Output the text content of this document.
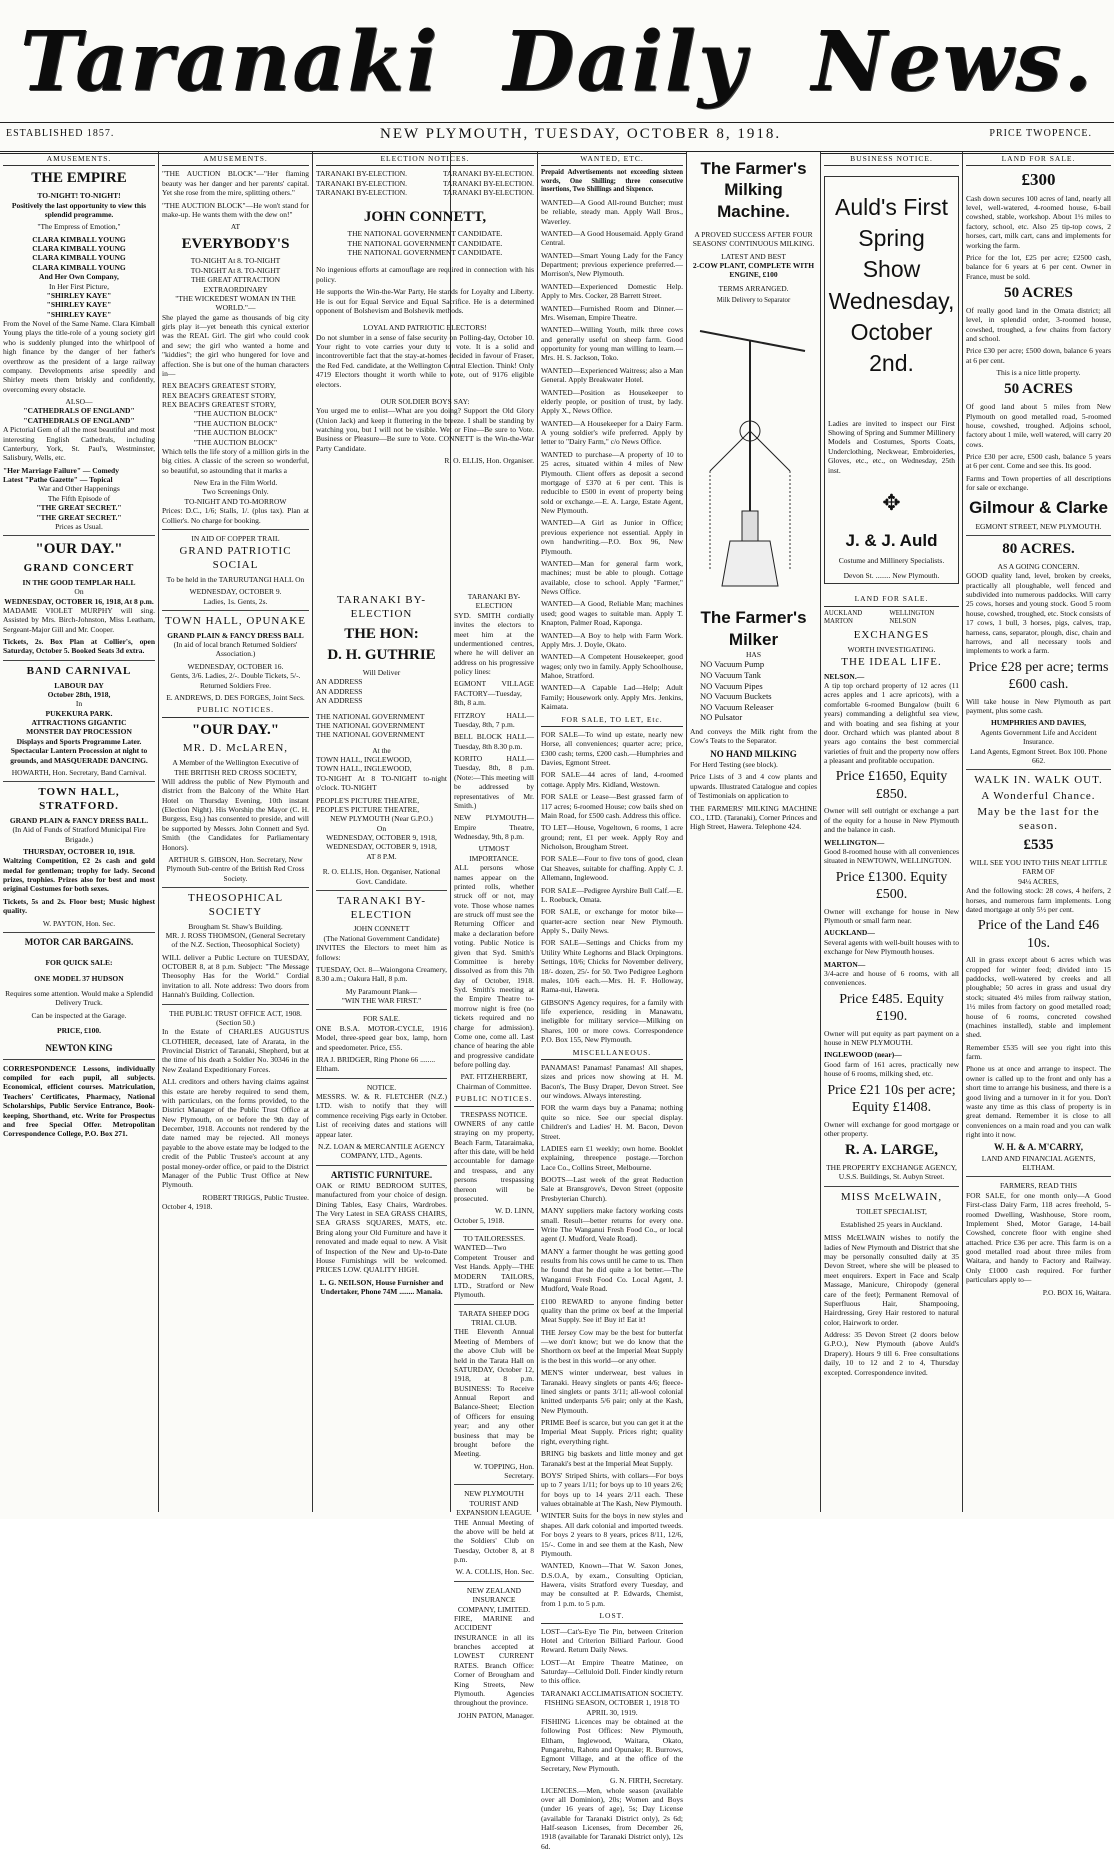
Taranaki Daily News.
ESTABLISHED 1857.	NEW PLYMOUTH, TUESDAY, OCTOBER 8, 1918.	PRICE TWOPENCE.
AMUSEMENTS.
THE EMPIRE
TO-NIGHT! TO-NIGHT!

Positively the last opportunity to view this splendid programme.

"The Empress of Emotion,"

CLARA KIMBALL YOUNG
CLARA KIMBALL YOUNG
CLARA KIMBALL YOUNG
CLARA KIMBALL YOUNG
And Her Own Company,
In Her First Picture,
"SHIRLEY KAYE"
"SHIRLEY KAYE"
"SHIRLEY KAYE"

From the Novel of the Same Name. Clara Kimball Young plays the title-role of a young society girl who is suddenly plunged into the whirlpool of high finance by the danger of her father's overthrow as the president of a large railway company. Developments arise speedily and Shirley meets them briskly and confidently, overcoming every obstacle.

ALSO—
"CATHEDRALS OF ENGLAND"
"CATHEDRALS OF ENGLAND"

A Pictorial Gem of all the most beautiful and most interesting English Cathedrals, including Canterbury, York, St. Paul's, Westminster, Salisbury, Wells, etc.

"Her Marriage Failure" — Comedy
Latest "Pathe Gazette" — Topical
War and Other Happenings
The Fifth Episode of
"THE GREAT SECRET."
"THE GREAT SECRET."
Prices as Usual.
"OUR DAY."
GRAND CONCERT
IN THE GOOD TEMPLAR HALL
On
WEDNESDAY, OCTOBER 16, 1918, At 8 p.m.

MADAME VIOLET MURPHY will sing. Assisted by Mrs. Birch-Johnston, Miss Leatham, Sergeant-Major Gill and Mr. Cooper.

Tickets, 2s. Box Plan at Collier's, open Saturday, October 5. Booked Seats 3d extra.

BAND CARNIVAL
LABOUR DAY
October 28th, 1918,
In
PUKEKURA PARK.
ATTRACTIONS GIGANTIC
MONSTER DAY PROCESSION

Displays and Sports Programme Later. Spectacular Lantern Procession at night to grounds, and MASQUERADE DANCING.

HOWARTH, Hon. Secretary, Band Carnival.

TOWN HALL, STRATFORD.
GRAND PLAIN & FANCY DRESS BALL.

(In Aid of Funds of Stratford Municipal Fire Brigade.)

THURSDAY, OCTOBER 10, 1918.

Waltzing Competition, £2 2s cash and gold medal for gentleman; trophy for lady. Second prizes, trophies. Prizes also for best and most original Costumes for both sexes.

Tickets, 5s and 2s. Floor best; Music highest quality.

W. PAYTON, Hon. Sec.

MOTOR CAR BARGAINS.
FOR QUICK SALE:
ONE MODEL 37 HUDSON

Requires some attention. Would make a Splendid Delivery Truck.

Can be inspected at the Garage.

PRICE, £100.
NEWTON KING

CORRESPONDENCE Lessons, individually compiled for each pupil, all subjects. Economical, efficient courses. Matriculation, Teachers' Certificates, Pharmacy, National Scholarships, Public Service Entrance, Book-keeping, Shorthand, etc. Write for Prospectus and free Special Offer. Metropolitan Correspondence College, P.O. Box 271.

AMUSEMENTS.

"THE AUCTION BLOCK"—"Her flaming beauty was her danger and her parents' capital. Yet she rose from the mire, splitting others."

"THE AUCTION BLOCK"—He won't stand for make-up. He wants them with the dew on!"

AT
EVERYBODY'S
TO-NIGHT At 8. TO-NIGHT
TO-NIGHT At 8. TO-NIGHT
THE GREAT ATTRACTION EXTRAORDINARY
"THE WICKEDEST WOMAN IN THE WORLD."—

She played the game as thousands of big city girls play it—yet beneath this cynical exterior was the REAL Girl. The girl who could cook and sew; the girl who wanted a home and "kiddies"; the girl who hungered for love and affection. She is but one of the human characters in—

REX BEACH'S GREATEST STORY,
REX BEACH'S GREATEST STORY,
REX BEACH'S GREATEST STORY,
"THE AUCTION BLOCK"
"THE AUCTION BLOCK"
"THE AUCTION BLOCK"
"THE AUCTION BLOCK"

Which tells the life story of a million girls in the big cities. A classic of the screen so wonderful, so beautiful, so astounding that it marks a

New Era in the Film World.
Two Screenings Only.
TO-NIGHT AND TO-MORROW

Prices: D.C., 1/6; Stalls, 1/. (plus tax). Plan at Collier's. No charge for booking.

IN AID OF COPPER TRAIL
GRAND PATRIOTIC SOCIAL

To be held in the TARURUTANGI HALL On

WEDNESDAY, OCTOBER 9.
Ladies, 1s. Gents, 2s.
TOWN HALL, OPUNAKE
GRAND PLAIN & FANCY DRESS BALL

(In aid of local branch Returned Soldiers' Association.)

WEDNESDAY, OCTOBER 16.

Gents, 3/6. Ladies, 2/-. Double Tickets, 5/-. Returned Soldiers Free.

E. ANDREWS, D. DES FORGES, Joint Secs.

PUBLIC NOTICES.
"OUR DAY."
MR. D. McLAREN,
A Member of the Wellington Executive of
THE BRITISH RED CROSS SOCIETY,

Will address the public of New Plymouth and district from the Balcony of the White Hart Hotel on Thursday Evening, 10th instant (Election Night). His Worship the Mayor (C. H. Burgess, Esq.) has consented to preside, and will be supported by Messrs. John Connett and Syd. Smith (the Candidates for Parliamentary Honors).

ARTHUR S. GIBSON, Hon. Secretary, New Plymouth Sub-centre of the British Red Cross Society.

THEOSOPHICAL SOCIETY
Brougham St. Shaw's Building.

MR. J. ROSS THOMSON, (General Secretary of the N.Z. Section, Theosophical Society)

WILL deliver a Public Lecture on TUESDAY, OCTOBER 8, at 8 p.m. Subject: "The Message Theosophy Has for the World." Cordial invitation to all. Note address: Two doors from Hannah's Building. Collection.

THE PUBLIC TRUST OFFICE ACT, 1908. (Section 50.)

In the Estate of CHARLES AUGUSTUS CLOTHIER, deceased, late of Ararata, in the Provincial District of Taranaki, Shepherd, but at the time of his death a Soldier No. 30346 in the New Zealand Expeditionary Forces.

ALL creditors and others having claims against this estate are hereby required to send them, with particulars, on the forms provided, to the District Manager of the Public Trust Office at New Plymouth, on or before the 9th day of December, 1918. Accounts not rendered by the date named may be rejected. All moneys payable to the above estate may be lodged to the credit of the Public Trustee's account at any postal money-order office, or paid to the District Manager of the Public Trust Office at New Plymouth.

ROBERT TRIGGS, Public Trustee.
October 4, 1918.
ELECTION NOTICES.
TARANAKI BY-ELECTION.
TARANAKI BY-ELECTION.
TARANAKI BY-ELECTION.
TARANAKI BY-ELECTION.
TARANAKI BY-ELECTION.
TARANAKI BY-ELECTION.
JOHN CONNETT,
THE NATIONAL GOVERNMENT CANDIDATE.
THE NATIONAL GOVERNMENT CANDIDATE.
THE NATIONAL GOVERNMENT CANDIDATE.

No ingenious efforts at camouflage are required in connection with his policy.

He supports the Win-the-War Party, He stands for Loyalty and Liberty. He is out for Equal Service and Equal Sacrifice. He is a determined opponent of Bolshevism and Bolshevik methods.

LOYAL AND PATRIOTIC ELECTORS!

Do not slumber in a sense of false security on Polling-day, October 10. Your right to vote carries your duty to vote. It is a solid and incontrovertible fact that the stay-at-homes decided in favour of Fraser, the Red Fed. candidate, at the Wellington Central Election. Think! Only 4719 Electors thought it worth while to vote, out of 9176 eligible electors.

OUR SOLDIER BOYS SAY:

You urged me to enlist—What are you doing? Support the Old Glory (Union Jack) and keep it fluttering in the breeze. I shall be standing by watching you, but I will not be visible. Wet or Fine—Be sure to Vote. Business or Pleasure—Be sure to Vote. CONNETT is the Win-the-War Party Candidate.

R. O. ELLIS, Hon. Organiser.
TARANAKI BY-ELECTION
THE HON:
D. H. GUTHRIE
Will Deliver
AN ADDRESS
AN ADDRESS
AN ADDRESS
THE NATIONAL GOVERNMENT
THE NATIONAL GOVERNMENT
THE NATIONAL GOVERNMENT
At the
TOWN HALL, INGLEWOOD,
TOWN HALL, INGLEWOOD,

TO-NIGHT At 8 TO-NIGHT to-night o'clock. TO-NIGHT

PEOPLE'S PICTURE THEATRE,
PEOPLE'S PICTURE THEATRE,
NEW PLYMOUTH (Near G.P.O.)
On
WEDNESDAY, OCTOBER 9, 1918,
WEDNESDAY, OCTOBER 9, 1918,
AT 8 P.M.

R. O. ELLIS, Hon. Organiser, National Govt. Candidate.

TARANAKI BY-ELECTION
JOHN CONNETT
(The National Government Candidate)

INVITES the Electors to meet him as follows:

TUESDAY, Oct. 8—Waiongona Creamery, 8.30 a.m.; Oakura Hall, 8 p.m.

My Paramount Plank—
"WIN THE WAR FIRST."
FOR SALE.

ONE B.S.A. MOTOR-CYCLE, 1916 Model, three-speed gear box, lamp, horn and speedometer. Price, £55.

IRA J. BRIDGER, Ring Phone 66 ........ Eltham.
NOTICE.

MESSRS. W. & R. FLETCHER (N.Z.) LTD. wish to notify that they will commence receiving Pigs early in October. List of receiving dates and stations will appear later.

N.Z. LOAN & MERCANTILE AGENCY COMPANY, LTD., Agents.

ARTISTIC FURNITURE.

OAK or RIMU BEDROOM SUITES, manufactured from your choice of design. Dining Tables, Easy Chairs, Wardrobes. The Very Latest in SEA GRASS CHAIRS, SEA GRASS SQUARES, MATS, etc. Bring along your Old Furniture and have it renovated and made equal to new. A Visit of Inspection of the New and Up-to-Date House Furnishings will be welcomed. PRICES LOW. QUALITY HIGH.

L. G. NEILSON, House Furnisher and Undertaker, Phone 74M ........ Manaia.
TARANAKI BY-ELECTION

SYD. SMITH cordially invites the electors to meet him at the undermentioned centres, where he will deliver an address on his progressive policy lines:

EGMONT VILLAGE FACTORY—Tuesday, 8th, 8 a.m.

FITZROY HALL—Tuesday, 8th, 7 p.m.

BELL BLOCK HALL—Tuesday, 8th 8.30 p.m.

KORITO HALL—Tuesday, 8th, 8 p.m. (Note:—This meeting will be addressed by representatives of Mr. Smith.)

NEW PLYMOUTH—Empire Theatre, Wednesday, 9th, 8 p.m.

UTMOST IMPORTANCE.

ALL persons whose names appear on the printed rolls, whether struck off or not, may vote. Those whose names are struck off must see the Returning Officer and make a declaration before voting. Public Notice is given that Syd. Smith's Committee is hereby dissolved as from this 7th day of October, 1918. Syd. Smith's meeting at the Empire Theatre to-morrow night is free (no tickets required and no charge for admission). Come one, come all. Last chance of hearing the able and progressive candidate before polling day.

PAT. FITZHERBERT, Chairman of Committee.

PUBLIC NOTICES.
TRESPASS NOTICE.

OWNERS of any cattle straying on my property, Beach Farm, Tataraimaka, after this date, will be held accountable for damage and trespass, and any persons trespassing thereon will be prosecuted.

W. D. LINN,
October 5, 1918.
TO TAILORESSES.

WANTED—Two Competent Trouser and Vest Hands. Apply—THE MODERN TAILORS, LTD., Stratford or New Plymouth.

TARATA SHEEP DOG TRIAL CLUB.

THE Eleventh Annual Meeting of Members of the above Club will be held in the Tarata Hall on SATURDAY, October 12, 1918, at 8 p.m. BUSINESS: To Receive Annual Report and Balance-Sheet; Election of Officers for ensuing year; and any other business that may be brought before the Meeting.

W. TOPPING, Hon. Secretary.
NEW PLYMOUTH TOURIST AND EXPANSION LEAGUE.

THE Annual Meeting of the above will be held at the Soldiers' Club on Tuesday, October 8, at 8 p.m.

W. A. COLLIS, Hon. Sec.
NEW ZEALAND INSURANCE COMPANY, LIMITED.

FIRE, MARINE and ACCIDENT INSURANCE in all its branches accepted at LOWEST CURRENT RATES. Branch Office: Corner of Brougham and King Streets, New Plymouth. Agencies throughout the province.

JOHN PATON, Manager.
WANTED, ETC.

Prepaid Advertisements not exceeding sixteen words, One Shilling; three consecutive insertions, Two Shillings and Sixpence.

WANTED—A Good All-round Butcher; must be reliable, steady man. Apply Wall Bros., Waverley.

WANTED—A Good Housemaid. Apply Grand Central.

WANTED—Smart Young Lady for the Fancy Department; previous experience preferred.—Morrison's, New Plymouth.

WANTED—Experienced Domestic Help. Apply to Mrs. Cocker, 28 Barrett Street.

WANTED—Furnished Room and Dinner.—Mrs. Wiseman, Empire Theatre.

WANTED—Willing Youth, milk three cows and generally useful on sheep farm. Good opportunity for young man willing to learn.—Mrs. H. S. Jackson, Toko.

WANTED—Experienced Waitress; also a Man General. Apply Breakwater Hotel.

WANTED—Position as Housekeeper to elderly people, or position of trust, by lady. Apply X., News Office.

WANTED—A Housekeeper for a Dairy Farm. A young soldier's wife preferred. Apply by letter to "Dairy Farm," c/o News Office.

WANTED to purchase—A property of 10 to 25 acres, situated within 4 miles of New Plymouth. Client offers as deposit a second mortgage of £370 at 6 per cent. This is reducible to £500 in event of property being sold or exchange.—E. A. Large, Estate Agent, New Plymouth.

WANTED—A Girl as Junior in Office; previous experience not essential. Apply in own handwriting.—P.O. Box 96, New Plymouth.

WANTED—Man for general farm work, machines; must be able to plough. Cottage available, close to school. Apply "Farmer," News Office.

WANTED—A Good, Reliable Man; machines used; good wages to suitable man. Apply T. Knapton, Palmer Road, Kaponga.

WANTED—A Boy to help with Farm Work. Apply Mrs. J. Doyle, Okato.

WANTED—A Competent Housekeeper, good wages; only two in family. Apply Schoolhouse, Mahoe, Stratford.

WANTED—A Capable Lad—Help; Adult Family; Housework only. Apply Mrs. Jenkins, Kaimata.

FOR SALE, TO LET, Etc.

FOR SALE—To wind up estate, nearly new Horse, all conveniences; quarter acre; price, £300 cash; terms, £200 cash.—Humphries and Davies, Egmont Street.

FOR SALE—44 acres of land, 4-roomed cottage. Apply Mrs. Kidland, Westown.

FOR SALE or Lease—Best grassed farm of 117 acres; 6-roomed House; cow bails shed on Main Road, for £500 cash. Address this office.

TO LET—House, Vogeltown, 6 rooms, 1 acre ground; rent, £1 per week. Apply Roy and Nicholson, Brougham Street.

FOR SALE—Four to five tons of good, clean Oat Sheaves, suitable for chaffing. Apply C. J. Allemann, Inglewood.

FOR SALE—Pedigree Ayrshire Bull Calf.—E. L. Roebuck, Omata.

FOR SALE, or exchange for motor bike—quarter-acre section near New Plymouth. Apply S., Daily News.

FOR SALE—Settings and Chicks from my Utility White Leghorns and Black Orpingtons. Settings, 10/6; Chicks for November delivery, 18/- dozen, 25/- for 50. Two Pedigree Leghorn males, 10/6 each.—Mrs. H. F. Holloway, Rama-nui, Hawera.

GIBSON'S Agency requires, for a family with life experience, residing in Manawatu, ineligible for military service—Milking on Shares, 100 or more cows. Correspondence P.O. Box 155, New Plymouth.

MISCELLANEOUS.

PANAMAS! Panamas! Panamas! All shapes, sizes and prices now showing at H. M. Bacon's, The Busy Draper, Devon Street. See our windows. Always interesting.

FOR the warm days buy a Panama; nothing quite so nice. See our special display. Children's and Ladies' H. M. Bacon, Devon Street.

LADIES earn £1 weekly; own home. Booklet explaining, threepence postage.—Torchon Lace Co., Collins Street, Melbourne.

BOOTS—Last week of the great Reduction Sale at Bransgrove's, Devon Street (opposite Presbyterian Church).

MANY suppliers make factory working costs small. Result—better returns for every one. Write The Wanganui Fresh Food Co., or local agent (J. Mudford, Veale Road).

MANY a farmer thought he was getting good results from his cows until he came to us. Then he found that he did quite a lot better.—The Wanganui Fresh Food Co. Local Agent, J. Mudford, Veale Road.

£100 REWARD to anyone finding better quality than the prime ox beef at the Imperial Meat Supply. See it! Buy it! Eat it!

THE Jersey Cow may be the best for butterfat—we don't know; but we do know that the Shorthorn ox beef at the Imperial Meat Supply is the best in this world—or any other.

MEN'S winter underwear, best values in Taranaki. Heavy singlets or pants 4/6; fleece-lined singlets or pants 3/11; all-wool colonial knitted underpants 5/6 pair; only at the Kash, New Plymouth.

PRIME Beef is scarce, but you can get it at the Imperial Meat Supply. Prices right; quality right, everything right.

BRING big baskets and little money and get Taranaki's best at the Imperial Meat Supply.

BOYS' Striped Shirts, with collars—For boys up to 7 years 1/11; for boys up to 10 years 2/6; for boys up to 14 years 2/11 each. These values obtainable at The Kash, New Plymouth.

WINTER Suits for the boys in new styles and shapes. All dark colonial and imported tweeds. For boys 2 years to 8 years, prices 8/11, 12/6, 15/-. Come in and see them at the Kash, New Plymouth.

WANTED, Known—That W. Saxon Jones, D.S.O.A, by exam., Consulting Optician, Hawera, visits Stratford every Tuesday, and may be consulted at P. Edwards, Chemist, from 1 p.m. to 5 p.m.

LOST.

LOST—Cat's-Eye Tie Pin, between Criterion Hotel and Criterion Billiard Parlour. Good Reward. Return Daily News.

LOST—At Empire Theatre Matinee, on Saturday—Celluloid Doll. Finder kindly return to this office.

TARANAKI ACCLIMATISATION SOCIETY.
FISHING SEASON, OCTOBER 1, 1918 TO APRIL 30, 1919.

FISHING Licences may be obtained at the following Post Offices: New Plymouth, Eltham, Inglewood, Waitara, Okato, Pungarehu, Rahotu and Opunake; R. Burrows, Egmont Village, and at the office of the Secretary, New Plymouth.

G. N. FIRTH, Secretary.

LICENCES.—Men, whole season (available over all Dominion), 20s; Women and Boys (under 16 years of age), 5s; Day License (available for Taranaki District only), 2s 6d; Half-season Licenses, from December 26, 1918 (available for Taranaki District only), 12s 6d.

The Farmer's Milking Machine.

A PROVED SUCCESS AFTER FOUR SEASONS' CONTINUOUS MILKING.

LATEST AND BEST
2-COW PLANT, COMPLETE WITH ENGINE, £100
TERMS ARRANGED.
Milk Delivery to Separator
The Farmer's Milker
HAS
NO Vacuum Pump
NO Vacuum Tank
NO Vacuum Pipes
NO Vacuum Buckets
NO Vacuum Releaser
NO Pulsator

And conveys the Milk right from the Cow's Teats to the Separator.

NO HAND MILKING

For Herd Testing (see block).

Price Lists of 3 and 4 cow plants and upwards. Illustrated Catalogue and copies of Testimonials on application to

THE FARMERS' MILKING MACHINE CO., LTD. (Taranaki), Corner Princes and High Street, Hawera. Telephone 424.

BUSINESS NOTICE.
Auld's First
Spring Show
Wednesday,
October 2nd.

Ladies are invited to inspect our First Showing of Spring and Summer Millinery Models and Costumes, Sports Coats, Underclothing, Neckwear, Embroideries, Gloves, etc., etc., on Wednesday, 25th inst.

✥
J. & J. Auld
Costume and Millinery Specialists.
Devon St. ........ New Plymouth.
LAND FOR SALE.
AUCKLAND MARTON
WELLINGTON NELSON
EXCHANGES
WORTH INVESTIGATING.
THE IDEAL LIFE.
NELSON.—

A tip top orchard property of 12 acres (11 acres apples and 1 acre apricots), with a comfortable 6-roomed Bungalow (built 6 years) commanding a delightful sea view, and with boating and sea fishing at your door. Orchard which was planted about 8 years ago contains the best commercial varieties of fruit and the property now offers a pleasant and profitable occupation.

Price £1650, Equity £850.

Owner will sell outright or exchange a part of the equity for a house in New Plymouth and the balance in cash.

WELLINGTON—

Good 8-roomed house with all conveniences situated in NEWTOWN, WELLINGTON.

Price £1300. Equity £500.

Owner will exchange for house in New Plymouth or small farm near.

AUCKLAND—

Several agents with well-built houses with to exchange for New Plymouth houses.

MARTON—

3/4-acre and house of 6 rooms, with all conveniences.

Price £485. Equity £190.

Owner will put equity as part payment on a house in NEW PLYMOUTH.

INGLEWOOD (near)—

Good farm of 161 acres, practically new house of 6 rooms, milking shed, etc.

Price £21 10s per acre; Equity £1408.

Owner will exchange for good mortgage or other property.

R. A. LARGE,
THE PROPERTY EXCHANGE AGENCY,
U.S.S. Buildings, St. Aubyn Street.
MISS McELWAIN,
TOILET SPECIALIST,
Established 25 years in Auckland.

MISS McELWAIN wishes to notify the ladies of New Plymouth and District that she may be personally consulted daily at 35 Devon Street, where she will be pleased to meet enquirers. Expert in Face and Scalp Massage, Manicure, Chiropody (general care of the feet); Permanent Removal of Superfluous Hair, Shampooing, Hairdressing, Grey Hair restored to natural color, Hairwork to order.

Address: 35 Devon Street (2 doors below G.P.O.), New Plymouth (above Auld's Drapery). Hours 9 till 6. Free consultations daily, 10 to 12 and 2 to 4, Thursday excepted. Correspondence invited.

LAND FOR SALE.
£300

Cash down secures 100 acres of land, nearly all level, well-watered, 4-roomed house, 6-bail cowshed, stable, workshop. About 1½ miles to factory, school, etc. Also 25 tip-top cows, 2 horses, cart, milk cart, cans and implements for working the farm.

Price for the lot, £25 per acre; £2500 cash, balance for 6 years at 6 per cent. Owner in France, must be sold.

50 ACRES

Of really good land in the Omata district; all level, in splendid order, 3-roomed house, cowshed, troughed, a few chains from factory and school.

Price £30 per acre; £500 down, balance 6 years at 6 per cent.

This is a nice little property.
50 ACRES

Of good land about 5 miles from New Plymouth on good metalled road, 5-roomed house, cowshed, troughed. Adjoins school, factory about 1 mile, well watered, will carry 20 cows.

Price £30 per acre, £500 cash, balance 5 years at 6 per cent. Come and see this. Its good.

Farms and Town properties of all descriptions for sale or exchange.

Gilmour & Clarke
EGMONT STREET, NEW PLYMOUTH.
80 ACRES.
AS A GOING CONCERN.

GOOD quality land, level, broken by creeks, practically all ploughable, well fenced and subdivided into numerous paddocks. Will carry 25 cows, horses and young stock. Good 5 room house, cowshed, troughed, etc. Stock consists of 17 cows, 1 bull, 3 horses, pigs, calves, trap, harness, cans, separator, plough, disc, chain and harrows, and all necessary tools and implements to work a farm.

Price £28 per acre; terms £600 cash.

Will take house in New Plymouth as part payment, plus some cash.

HUMPHRIES AND DAVIES,
Agents Government Life and Accident Insurance.
Land Agents, Egmont Street. Box 100. Phone 662.
WALK IN. WALK OUT.
A Wonderful Chance.
May be the last for the season.
£535
WILL SEE YOU INTO THIS NEAT LITTLE FARM OF
94¼ ACRES,

And the following stock: 28 cows, 4 heifers, 2 horses, and numerous farm implements. Long dated mortgage at only 5½ per cent.

Price of the Land £46 10s.

All in grass except about 6 acres which was cropped for winter feed; divided into 15 paddocks, well-watered by creeks and all ploughable; 50 acres in grass and usual dry stock; situated 4½ miles from railway station, 1½ miles from factory on good metalled road; house of 6 rooms, concreted cowshed (machines installed), stable and implement shed.

Remember £535 will see you right into this farm.

Phone us at once and arrange to inspect. The owner is called up to the front and only has a short time to arrange his business, and there is a good living and a turnover in it for you. Don't waste any time as this class of property is in great demand. Remember it is close to all conveniences on a main road and you can walk right into it now.

W. H. & A. M'CARRY,
LAND AND FINANCIAL AGENTS, ELTHAM.
FARMERS, READ THIS

FOR SALE, for one month only—A Good First-class Dairy Farm, 118 acres freehold, 5-roomed Dwelling, Washhouse, Store room, Implement Shed, Motor Garage, 14-bail Cowshed, concrete floor with engine shed attached. Price £36 per acre. This farm is on a good metalled road about three miles from Waitara, and handy to Factory and Railway. Only £1000 cash required. For further particulars apply to—

P.O. BOX 16, Waitara.
